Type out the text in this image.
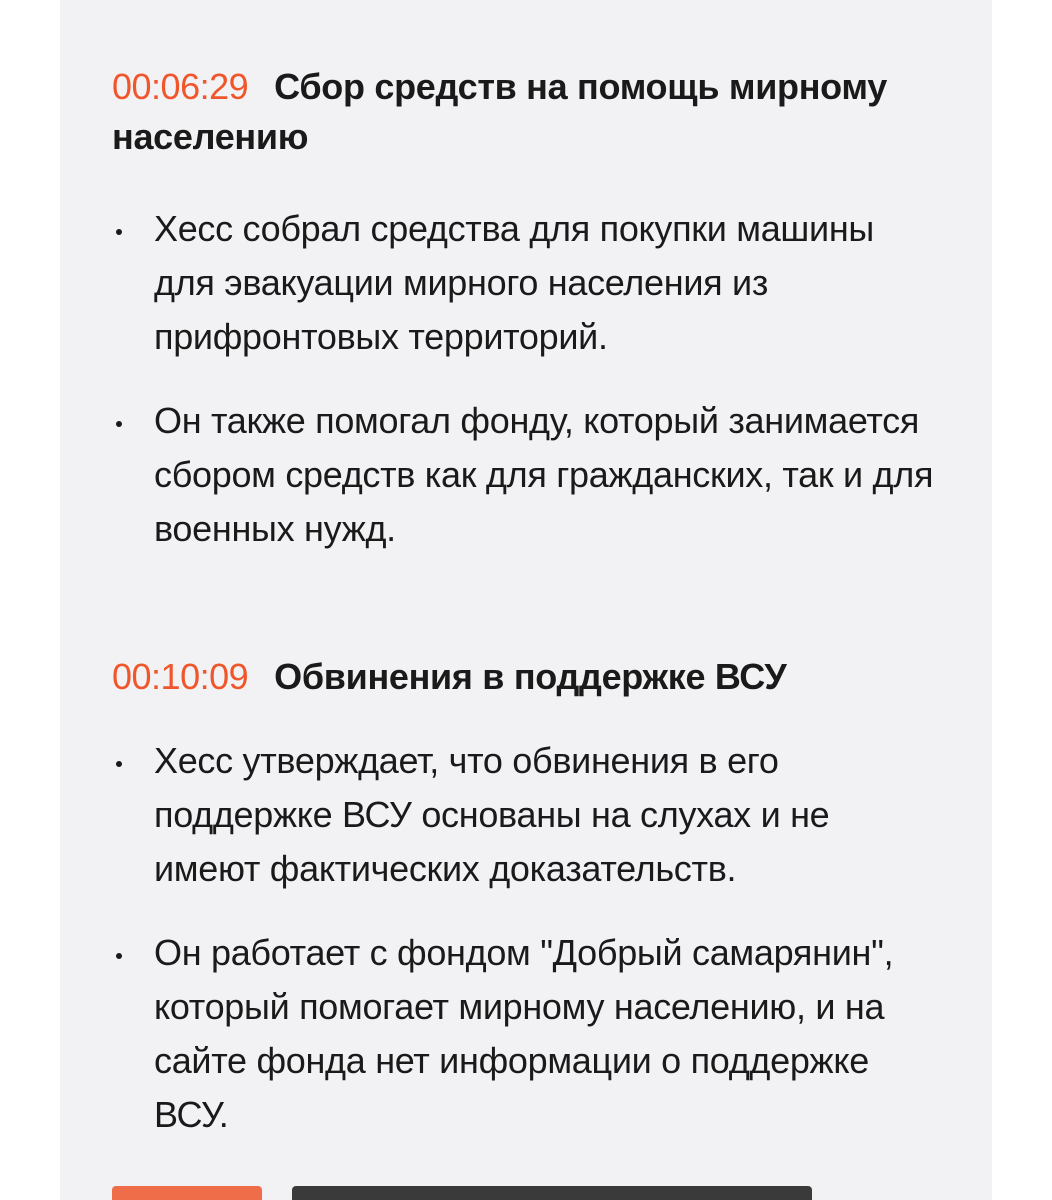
00:06:29 Сбор средств на помощь мирному населению
Хесс собрал средства для покупки машины для эвакуации мирного населения из прифронтовых территорий.
Он также помогал фонду, который занимается сбором средств как для гражданских, так и для военных нужд.
00:10:09 Обвинения в поддержке ВСУ
Хесс утверждает, что обвинения в его поддержке ВСУ основаны на слухах и не имеют фактических доказательств.
Он работает с фондом "Добрый самарянин", который помогает мирному населению, и на сайте фонда нет информации о поддержке ВСУ.
